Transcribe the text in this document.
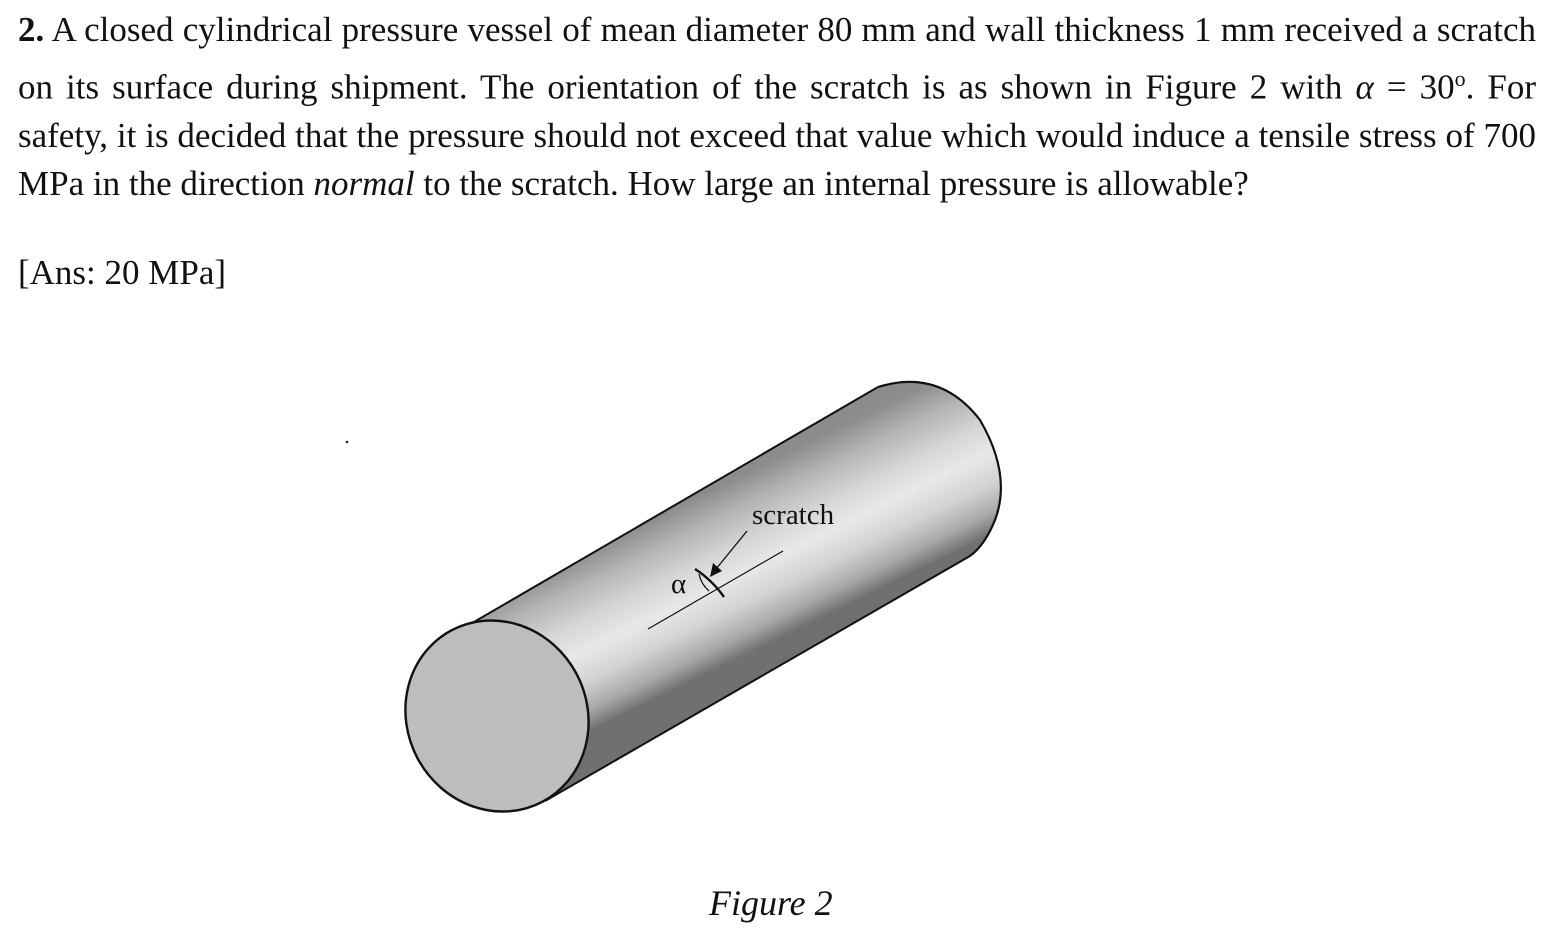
2. A closed cylindrical pressure vessel of mean diameter 80 mm and wall thickness 1 mm received a scratch on its surface during shipment. The orientation of the scratch is as shown in Figure 2 with $\alpha = 30^o$. For safety, it is decided that the pressure should not exceed that value which would induce a tensile stress of 700 MPa in the direction normal to the scratch. How large an internal pressure is allowable?

[Ans: 20 MPa]

scratch
α
Figure 2
